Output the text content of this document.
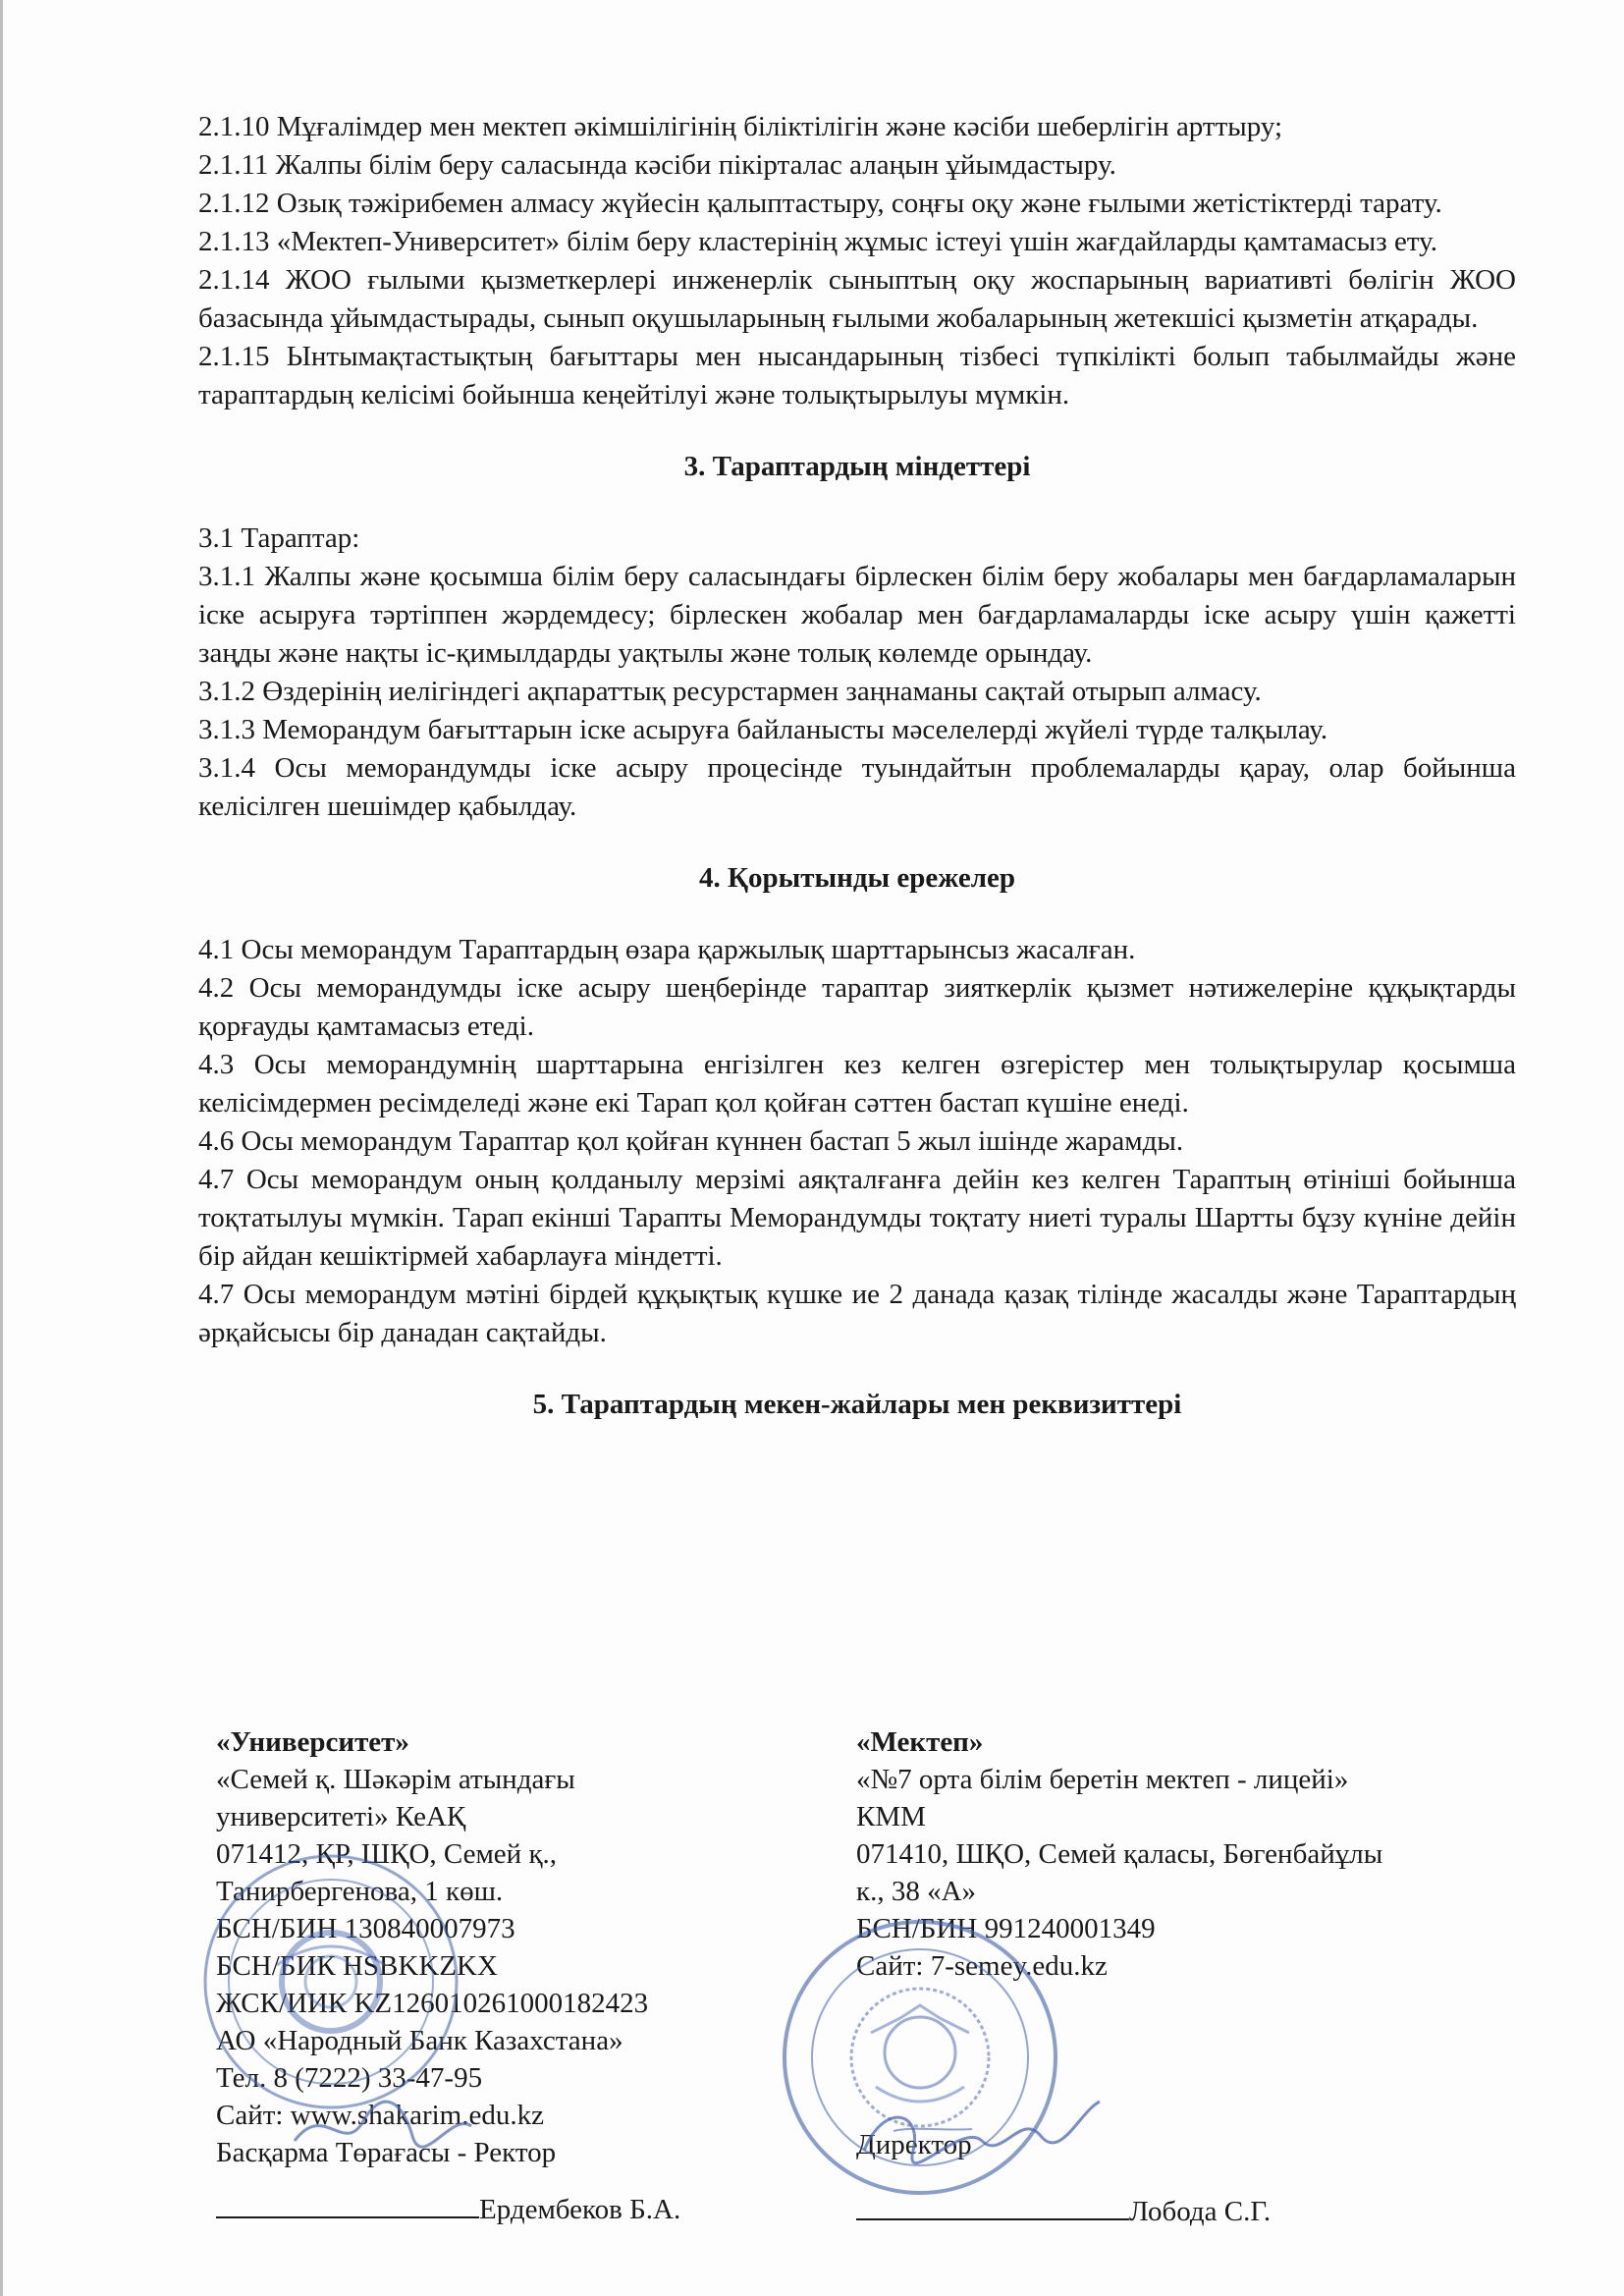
2.1.10 Мұғалімдер мен мектеп әкімшілігінің біліктілігін және кәсіби шеберлігін арттыру;

2.1.11 Жалпы білім беру саласында кәсіби пікірталас алаңын ұйымдастыру.

2.1.12 Озық тәжірибемен алмасу жүйесін қалыптастыру, соңғы оқу және ғылыми жетістіктерді тарату.

2.1.13 «Мектеп-Университет» білім беру кластерінің жұмыс істеуі үшін жағдайларды қамтамасыз ету.

2.1.14 ЖОО ғылыми қызметкерлері инженерлік сыныптың оқу жоспарының вариативті бөлігін ЖОО базасында ұйымдастырады, сынып оқушыларының ғылыми жобаларының жетекшісі қызметін атқарады.

2.1.15 Ынтымақтастықтың бағыттары мен нысандарының тізбесі түпкілікті болып табылмайды және тараптардың келісімі бойынша кеңейтілуі және толықтырылуы мүмкін.

3. Тараптардың міндеттері

3.1 Тараптар:

3.1.1 Жалпы және қосымша білім беру саласындағы бірлескен білім беру жобалары мен бағдарламаларын іске асыруға тәртіппен жәрдемдесу; бірлескен жобалар мен бағдарламаларды іске асыру үшін қажетті заңды және нақты іс-қимылдарды уақтылы және толық көлемде орындау.

3.1.2 Өздерінің иелігіндегі ақпараттық ресурстармен заңнаманы сақтай отырып алмасу.

3.1.3 Меморандум бағыттарын іске асыруға байланысты мәселелерді жүйелі түрде талқылау.

3.1.4 Осы меморандумды іске асыру процесінде туындайтын проблемаларды қарау, олар бойынша келісілген шешімдер қабылдау.

4. Қорытынды ережелер

4.1 Осы меморандум Тараптардың өзара қаржылық шарттарынсыз жасалған.

4.2 Осы меморандумды іске асыру шеңберінде тараптар зияткерлік қызмет нәтижелеріне құқықтарды қорғауды қамтамасыз етеді.

4.3 Осы меморандумнің шарттарына енгізілген кез келген өзгерістер мен толықтырулар қосымша келісімдермен ресімделеді және екі Тарап қол қойған сәттен бастап күшіне енеді.

4.6 Осы меморандум Тараптар қол қойған күннен бастап 5 жыл ішінде жарамды.

4.7 Осы меморандум оның қолданылу мерзімі аяқталғанға дейін кез келген Тараптың өтініші бойынша тоқтатылуы мүмкін. Тарап екінші Тарапты Меморандумды тоқтату ниеті туралы Шартты бұзу күніне дейін бір айдан кешіктірмей хабарлауға міндетті.

4.7 Осы меморандум мәтіні бірдей құқықтық күшке ие 2 данада қазақ тілінде жасалды және Тараптардың әрқайсысы бір данадан сақтайды.

5. Тараптардың мекен-жайлары мен реквизиттері

«Университет»
«Семей қ. Шәкәрім атындағы
университеті» КеАҚ
071412, ҚР, ШҚО, Семей қ.,
Танирбергенова, 1 көш.
БСН/БИН 130840007973
БСН/БИК HSBKKZKX
ЖСК/ИИК KZ126010261000182423
АО «Народный Банк Казахстана»
Тел. 8 (7222) 33-47-95
Сайт: www.shakarim.edu.kz
Басқарма Төрағасы - Ректор
Ердембеков Б.А.
«Мектеп»
«№7 орта білім беретін мектеп - лицейі»
КММ
071410, ШҚО, Семей қаласы, Бөгенбайұлы
к., 38 «А»
БСН/БИН 991240001349
Сайт: 7-semey.edu.kz
Директор
Лобода С.Г.
